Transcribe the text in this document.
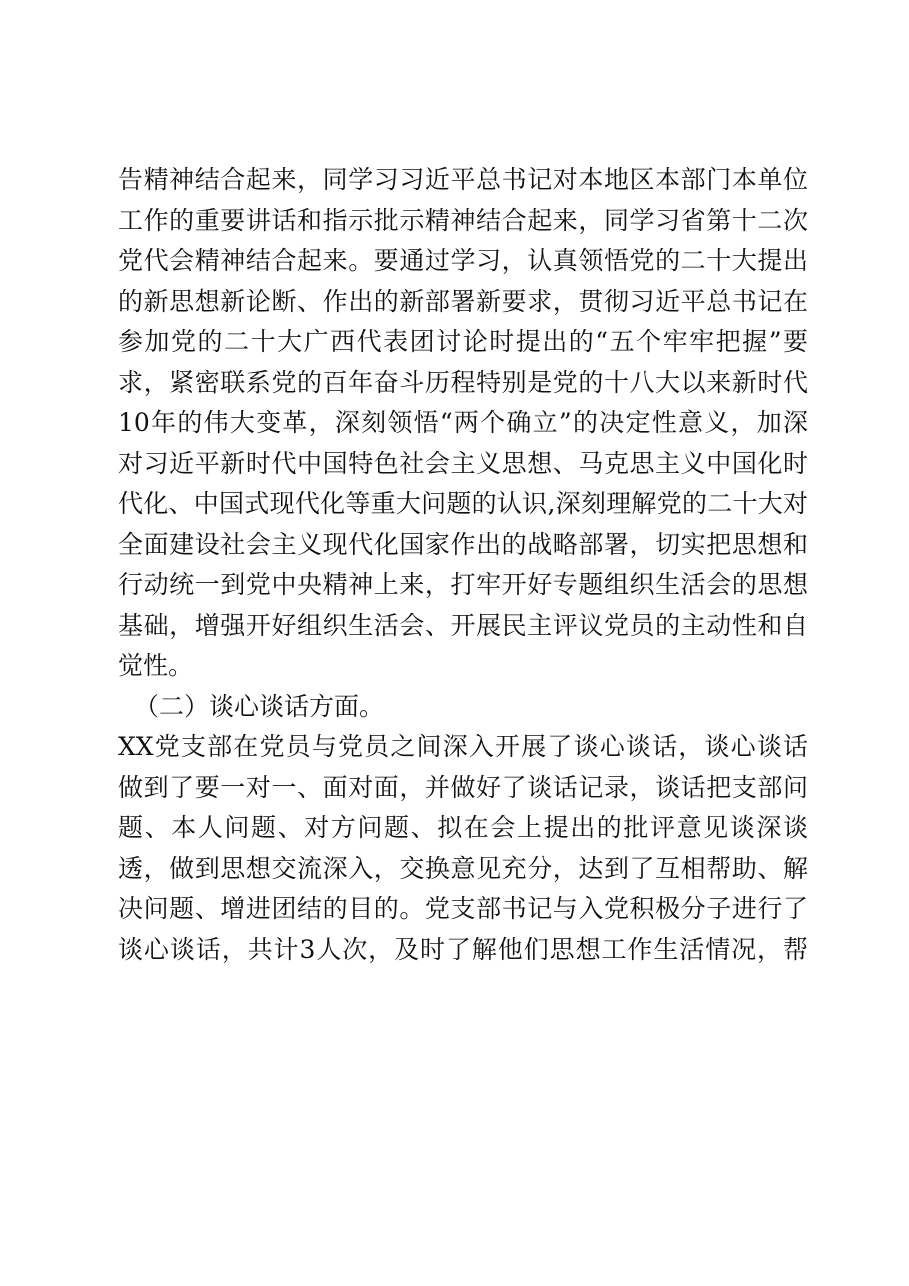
告精神结合起来，同学习习近平总书记对本地区本部门本单位
工作的重要讲话和指示批示精神结合起来，同学习省第十二次
党代会精神结合起来。要通过学习，认真领悟党的二十大提出
的新思想新论断、作出的新部署新要求，贯彻习近平总书记在
参加党的二十大广西代表团讨论时提出的“五个牢牢把握”要
求，紧密联系党的百年奋斗历程特别是党的十八大以来新时代
10年的伟大变革，深刻领悟“两个确立”的决定性意义，加深
对习近平新时代中国特色社会主义思想、马克思主义中国化时
代化、中国式现代化等重大问题的认识,深刻理解党的二十大对
全面建设社会主义现代化国家作出的战略部署，切实把思想和
行动统一到党中央精神上来，打牢开好专题组织生活会的思想
基础，增强开好组织生活会、开展民主评议党员的主动性和自
觉性。
（二）谈心谈话方面。
XX党支部在党员与党员之间深入开展了谈心谈话，谈心谈话
做到了要一对一、面对面，并做好了谈话记录，谈话把支部问
题、本人问题、对方问题、拟在会上提出的批评意见谈深谈
透，做到思想交流深入，交换意见充分，达到了互相帮助、解
决问题、增进团结的目的。党支部书记与入党积极分子进行了
谈心谈话，共计3人次，及时了解他们思想工作生活情况，帮
